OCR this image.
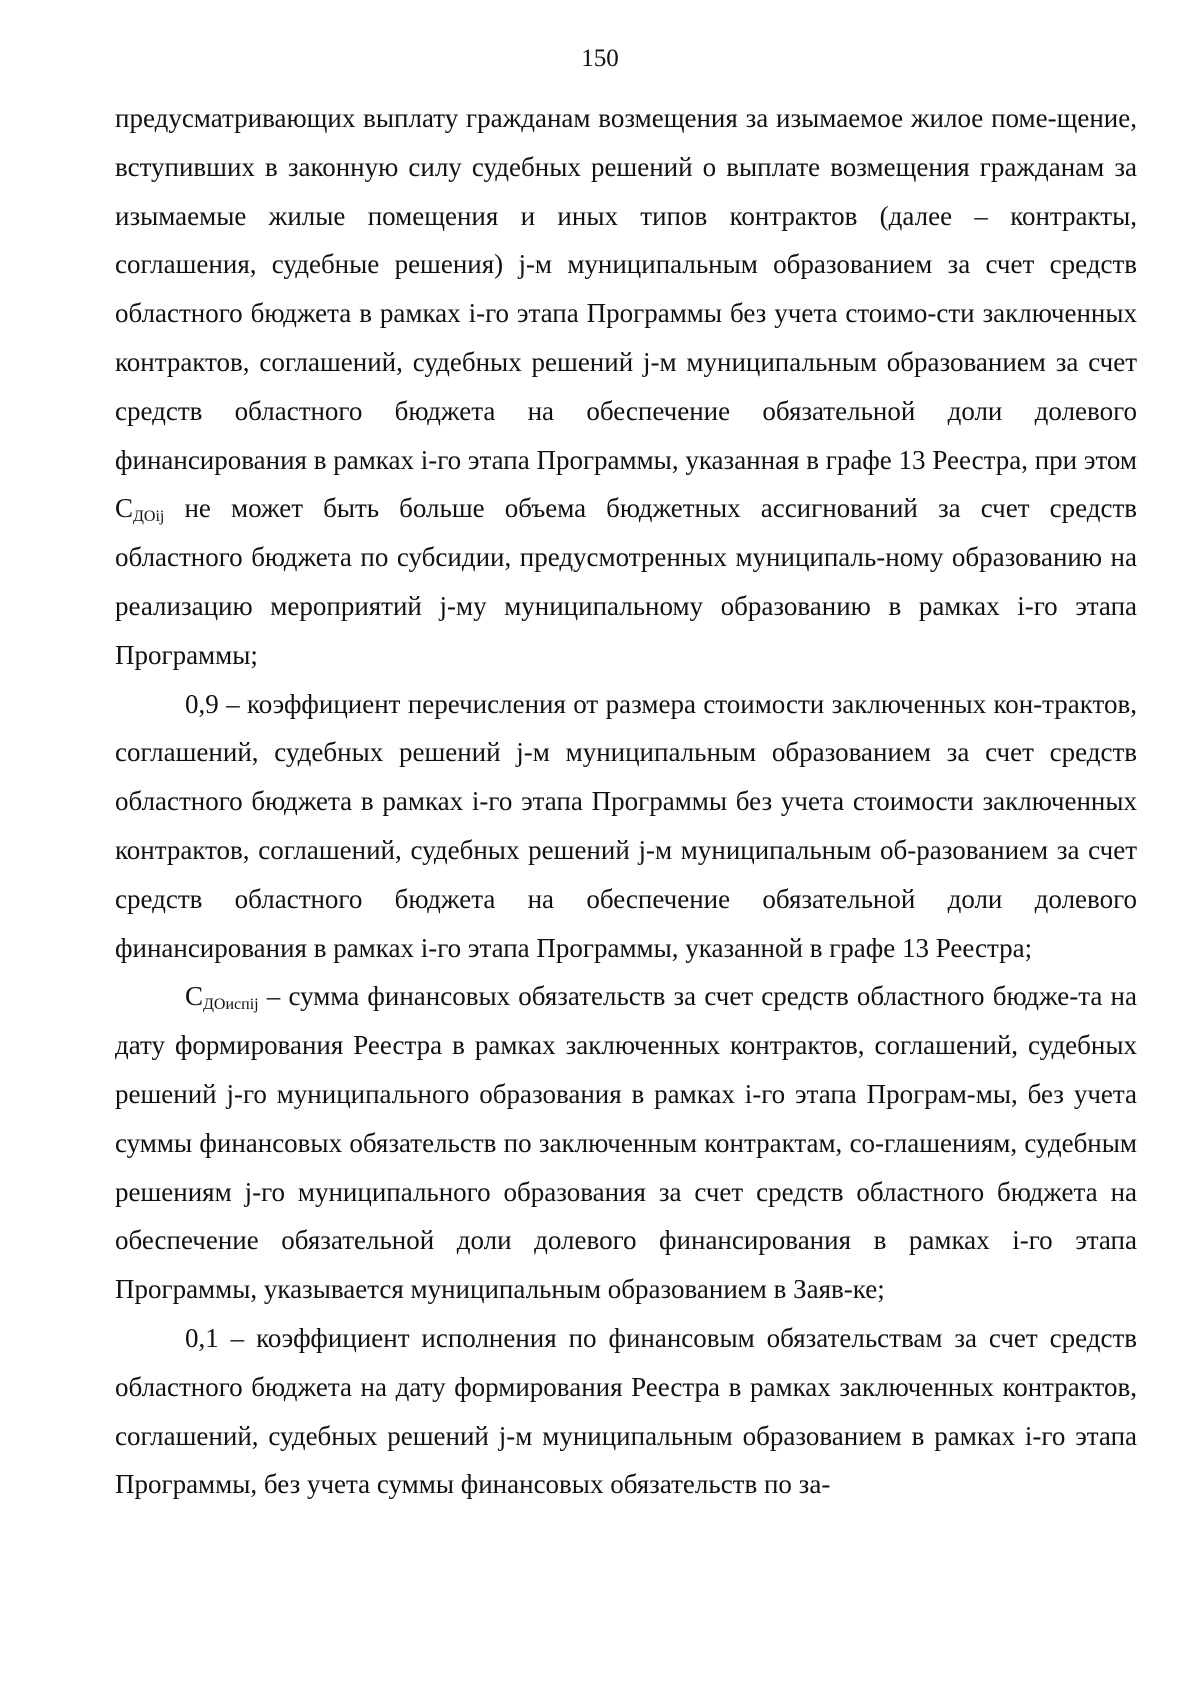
150

предусматривающих выплату гражданам возмещения за изымаемое жилое поме-щение, вступивших в законную силу судебных решений о выплате возмещения гражданам за изымаемые жилые помещения и иных типов контрактов (далее – контракты, соглашения, судебные решения) j-м муниципальным образованием за счет средств областного бюджета в рамках i-го этапа Программы без учета стоимо-сти заключенных контрактов, соглашений, судебных решений j-м муниципальным образованием за счет средств областного бюджета на обеспечение обязательной доли долевого финансирования в рамках i-го этапа Программы, указанная в графе 13 Реестра, при этом $С_{ДОij}$ не может быть больше объема бюджетных ассигнований за счет средств областного бюджета по субсидии, предусмотренных муниципаль-ному образованию на реализацию мероприятий j-му муниципальному образованию в рамках i-го этапа Программы;

0,9 – коэффициент перечисления от размера стоимости заключенных кон-трактов, соглашений, судебных решений j-м муниципальным образованием за счет средств областного бюджета в рамках i-го этапа Программы без учета стоимости заключенных контрактов, соглашений, судебных решений j-м муниципальным об-разованием за счет средств областного бюджета на обеспечение обязательной доли долевого финансирования в рамках i-го этапа Программы, указанной в графе 13 Реестра;

$С_{ДОиспij}$ – сумма финансовых обязательств за счет средств областного бюдже-та на дату формирования Реестра в рамках заключенных контрактов, соглашений, судебных решений j-го муниципального образования в рамках i-го этапа Програм-мы, без учета суммы финансовых обязательств по заключенным контрактам, со-глашениям, судебным решениям j-го муниципального образования за счет средств областного бюджета на обеспечение обязательной доли долевого финансирования в рамках i-го этапа Программы, указывается муниципальным образованием в Заяв-ке;

0,1 – коэффициент исполнения по финансовым обязательствам за счет средств областного бюджета на дату формирования Реестра в рамках заключенных контрактов, соглашений, судебных решений j-м муниципальным образованием в рамках i-го этапа Программы, без учета суммы финансовых обязательств по за-
